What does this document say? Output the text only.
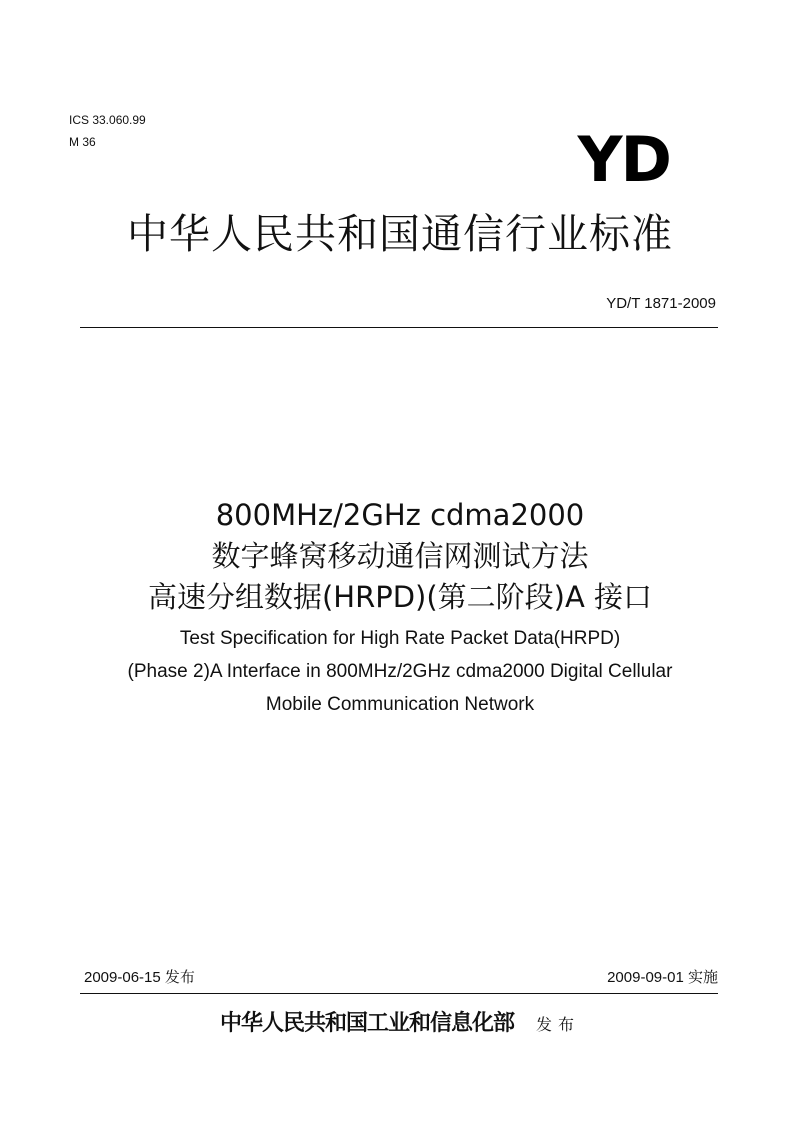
ICS 33.060.99
M 36	YD
中华人民共和国通信行业标准
YD/T 1871-2009

800MHz/2GHz cdma2000

数字蜂窝移动通信网测试方法

高速分组数据(HRPD)(第二阶段)A 接口

Test Specification for High Rate Packet Data(HRPD)

(Phase 2)A Interface in 800MHz/2GHz cdma2000 Digital Cellular

Mobile Communication Network

2009-06-15 发布	2009-09-01 实施
中华人民共和国工业和信息化部 发布
